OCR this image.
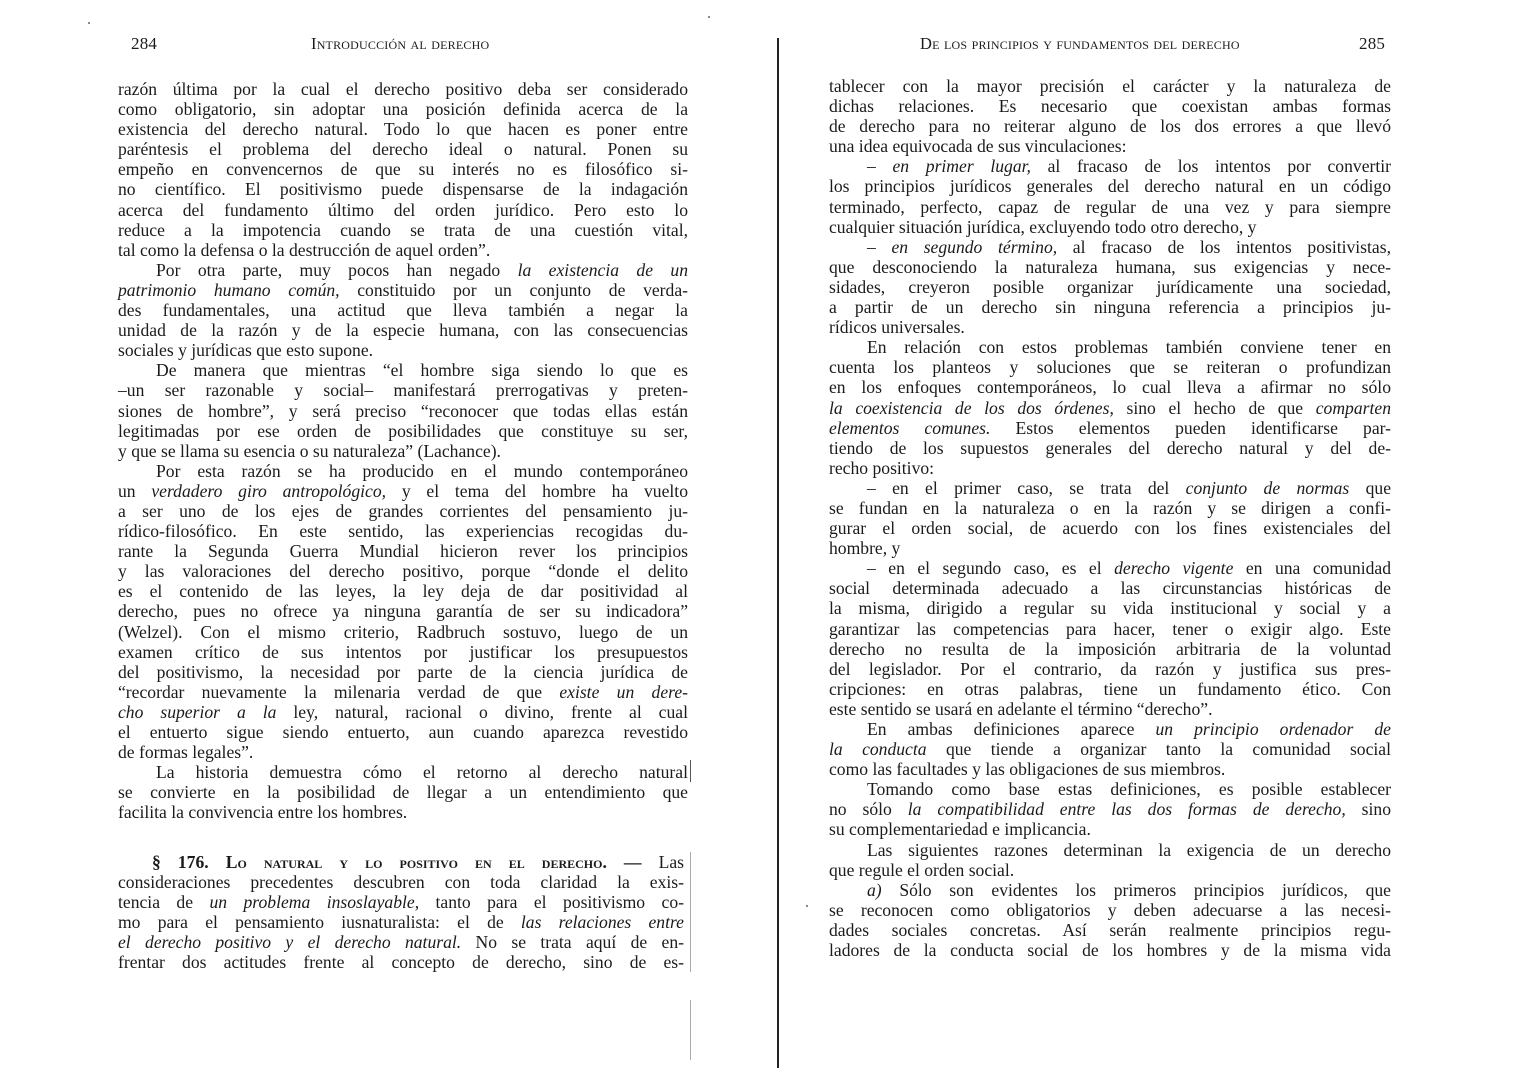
284	Introducción al derecho
razón última por la cual el derecho positivo deba ser considerado
como obligatorio, sin adoptar una posición definida acerca de la
existencia del derecho natural. Todo lo que hacen es poner entre
paréntesis el problema del derecho ideal o natural. Ponen su
empeño en convencernos de que su interés no es filosófico si-
no científico. El positivismo puede dispensarse de la indagación
acerca del fundamento último del orden jurídico. Pero esto lo
reduce a la impotencia cuando se trata de una cuestión vital,
tal como la defensa o la destrucción de aquel orden”.
Por otra parte, muy pocos han negado la existencia de un
patrimonio humano común, constituido por un conjunto de verda-
des fundamentales, una actitud que lleva también a negar la
unidad de la razón y de la especie humana, con las consecuencias
sociales y jurídicas que esto supone.
De manera que mientras “el hombre siga siendo lo que es
–un ser razonable y social– manifestará prerrogativas y preten-
siones de hombre”, y será preciso “reconocer que todas ellas están
legitimadas por ese orden de posibilidades que constituye su ser,
y que se llama su esencia o su naturaleza” (Lachance).
Por esta razón se ha producido en el mundo contemporáneo
un verdadero giro antropológico, y el tema del hombre ha vuelto
a ser uno de los ejes de grandes corrientes del pensamiento ju-
rídico-filosófico. En este sentido, las experiencias recogidas du-
rante la Segunda Guerra Mundial hicieron rever los principios
y las valoraciones del derecho positivo, porque “donde el delito
es el contenido de las leyes, la ley deja de dar positividad al
derecho, pues no ofrece ya ninguna garantía de ser su indicadora”
(Welzel). Con el mismo criterio, Radbruch sostuvo, luego de un
examen crítico de sus intentos por justificar los presupuestos
del positivismo, la necesidad por parte de la ciencia jurídica de
“recordar nuevamente la milenaria verdad de que existe un dere-
cho superior a la ley, natural, racional o divino, frente al cual
el entuerto sigue siendo entuerto, aun cuando aparezca revestido
de formas legales”.
La historia demuestra cómo el retorno al derecho natural
se convierte en la posibilidad de llegar a un entendimiento que
facilita la convivencia entre los hombres.
§ 176. Lo natural y lo positivo en el derecho. — Las
consideraciones precedentes descubren con toda claridad la exis-
tencia de un problema insoslayable, tanto para el positivismo co-
mo para el pensamiento iusnaturalista: el de las relaciones entre
el derecho positivo y el derecho natural. No se trata aquí de en-
frentar dos actitudes frente al concepto de derecho, sino de es-
De los principios y fundamentos del derecho	285
tablecer con la mayor precisión el carácter y la naturaleza de
dichas relaciones. Es necesario que coexistan ambas formas
de derecho para no reiterar alguno de los dos errores a que llevó
una idea equivocada de sus vinculaciones:
– en primer lugar, al fracaso de los intentos por convertir
los principios jurídicos generales del derecho natural en un código
terminado, perfecto, capaz de regular de una vez y para siempre
cualquier situación jurídica, excluyendo todo otro derecho, y
– en segundo término, al fracaso de los intentos positivistas,
que desconociendo la naturaleza humana, sus exigencias y nece-
sidades, creyeron posible organizar jurídicamente una sociedad,
a partir de un derecho sin ninguna referencia a principios ju-
rídicos universales.
En relación con estos problemas también conviene tener en
cuenta los planteos y soluciones que se reiteran o profundizan
en los enfoques contemporáneos, lo cual lleva a afirmar no sólo
la coexistencia de los dos órdenes, sino el hecho de que comparten
elementos comunes. Estos elementos pueden identificarse par-
tiendo de los supuestos generales del derecho natural y del de-
recho positivo:
– en el primer caso, se trata del conjunto de normas que
se fundan en la naturaleza o en la razón y se dirigen a confi-
gurar el orden social, de acuerdo con los fines existenciales del
hombre, y
– en el segundo caso, es el derecho vigente en una comunidad
social determinada adecuado a las circunstancias históricas de
la misma, dirigido a regular su vida institucional y social y a
garantizar las competencias para hacer, tener o exigir algo. Este
derecho no resulta de la imposición arbitraria de la voluntad
del legislador. Por el contrario, da razón y justifica sus pres-
cripciones: en otras palabras, tiene un fundamento ético. Con
este sentido se usará en adelante el término “derecho”.
En ambas definiciones aparece un principio ordenador de
la conducta que tiende a organizar tanto la comunidad social
como las facultades y las obligaciones de sus miembros.
Tomando como base estas definiciones, es posible establecer
no sólo la compatibilidad entre las dos formas de derecho, sino
su complementariedad e implicancia.
Las siguientes razones determinan la exigencia de un derecho
que regule el orden social.
a) Sólo son evidentes los primeros principios jurídicos, que
se reconocen como obligatorios y deben adecuarse a las necesi-
dades sociales concretas. Así serán realmente principios regu-
ladores de la conducta social de los hombres y de la misma vida
